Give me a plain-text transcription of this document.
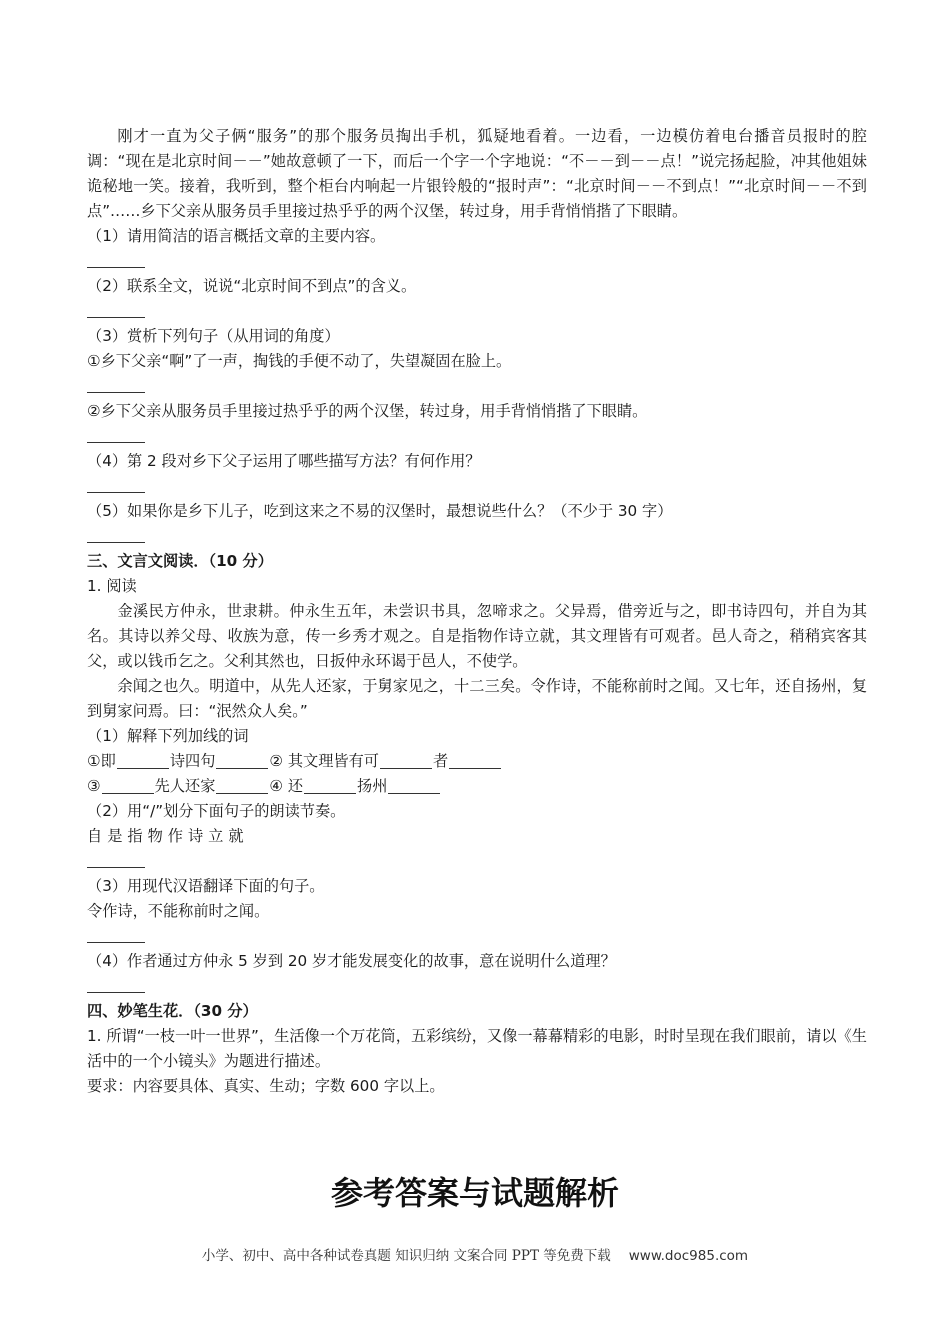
刚才一直为父子俩“服务”的那个服务员掏出手机，狐疑地看着。一边看，一边模仿着电台播音员报时的腔调：“现在是北京时间－－”她故意顿了一下，而后一个字一个字地说：“不－－到－－点！”说完扬起脸，冲其他姐妹诡秘地一笑。接着，我听到，整个柜台内响起一片银铃般的“报时声”：“北京时间－－不到点！”“北京时间－－不到点”……乡下父亲从服务员手里接过热乎乎的两个汉堡，转过身，用手背悄悄揩了下眼睛。
（1）请用简洁的语言概括文章的主要内容。
（2）联系全文，说说“北京时间不到点”的含义。
（3）赏析下列句子（从用词的角度）
①乡下父亲“啊”了一声，掏钱的手便不动了，失望凝固在脸上。
②乡下父亲从服务员手里接过热乎乎的两个汉堡，转过身，用手背悄悄揩了下眼睛。
（4）第 2 段对乡下父子运用了哪些描写方法？有何作用？
（5）如果你是乡下儿子，吃到这来之不易的汉堡时，最想说些什么？（不少于 30 字）
三、文言文阅读．（10 分）
1. 阅读
金溪民方仲永，世隶耕。仲永生五年，未尝识书具，忽啼求之。父异焉，借旁近与之，即书诗四句，并自为其名。其诗以养父母、收族为意，传一乡秀才观之。自是指物作诗立就，其文理皆有可观者。邑人奇之，稍稍宾客其父，或以钱币乞之。父利其然也，日扳仲永环谒于邑人，不使学。
余闻之也久。明道中，从先人还家，于舅家见之，十二三矣。令作诗，不能称前时之闻。又七年，还自扬州，复到舅家问焉。曰：“泯然众人矣。”
（1）解释下列加线的词
①即	诗四句	② 其文理皆有可	者
③	先人还家	④ 还	扬州
（2）用“/”划分下面句子的朗读节奏。
自是指物作诗立就
（3）用现代汉语翻译下面的句子。
令作诗，不能称前时之闻。
（4）作者通过方仲永 5 岁到 20 岁才能发展变化的故事，意在说明什么道理？
四、妙笔生花．（30 分）
1. 所谓“一枝一叶一世界”，生活像一个万花筒，五彩缤纷，又像一幕幕精彩的电影，时时呈现在我们眼前，请以《生活中的一个小镜头》为题进行描述。
要求：内容要具体、真实、生动；字数 600 字以上。
参考答案与试题解析
小学、初中、高中各种试卷真题 知识归纳 文案合同 PPT 等免费下载 www.doc985.com
